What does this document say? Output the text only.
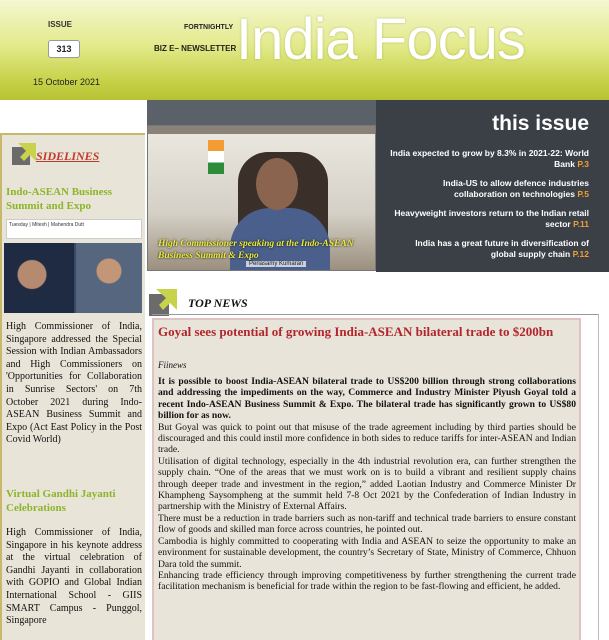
ISSUE
313
15 October 2021
FORTNIGHTLY
BIZ E– NEWSLETTER India Focus
SIDELINES
Indo-ASEAN Business Summit and Expo
Tuesday | Mitesh | Mahendra Dutt
High Commissioner of India, Singapore addressed the Special Session with Indian Ambassadors and High Commissioners on 'Opportunities for Collaboration in Sunrise Sectors' on 7th October 2021 during Indo-ASEAN Business Summit and Expo (Act East Policy in the Post Covid World)
Virtual Gandhi Jayanti Celebrations
High Commissioner of India, Singapore in his keynote address at the virtual celebration of Gandhi Jayanti in collaboration with GOPIO and Global Indian International School - GIIS SMART Campus - Punggol, Singapore
Periasamy Kumaran
High Commissioner speaking at the Indo-ASEAN Business Summit & Expo
this issue
India expected to grow by 8.3% in 2021-22: World Bank P.3
India-US to allow defence industries collaboration on technologies P.5
Heavyweight investors return to the Indian retail sector P.11
India has a great future in diversification of global supply chain P.12
TOP NEWS
Goyal sees potential of growing India-ASEAN bilateral trade to $200bn
Fiinews

It is possible to boost India-ASEAN bilateral trade to US$200 billion through strong collaborations and addressing the impediments on the way, Commerce and Industry Minister Piyush Goyal told a recent Indo-ASEAN Business Summit & Expo. The bilateral trade has significantly grown to US$80 billion for as now.

But Goyal was quick to point out that misuse of the trade agreement including by third parties should be discouraged and this could instil more confidence in both sides to reduce tariffs for inter-ASEAN and Indian trade.

Utilisation of digital technology, especially in the 4th industrial revolution era, can further strengthen the supply chain. “One of the areas that we must work on is to build a vibrant and resilient supply chains through deeper trade and investment in the region,” added Laotian Industry and Commerce Minister Dr Khampheng Saysompheng at the summit held 7-8 Oct 2021 by the Confederation of Indian Industry in partnership with the Ministry of External Affairs.

There must be a reduction in trade barriers such as non-tariff and technical trade barriers to ensure constant flow of goods and skilled man force across countries, he pointed out.

Cambodia is highly committed to cooperating with India and ASEAN to seize the opportunity to make an environment for sustainable development, the country’s Secretary of State, Ministry of Commerce, Chhuon Dara told the summit.

Enhancing trade efficiency through improving competitiveness by further strengthening the current trade facilitation mechanism is beneficial for trade within the region to be fast-flowing and efficient, he added.
